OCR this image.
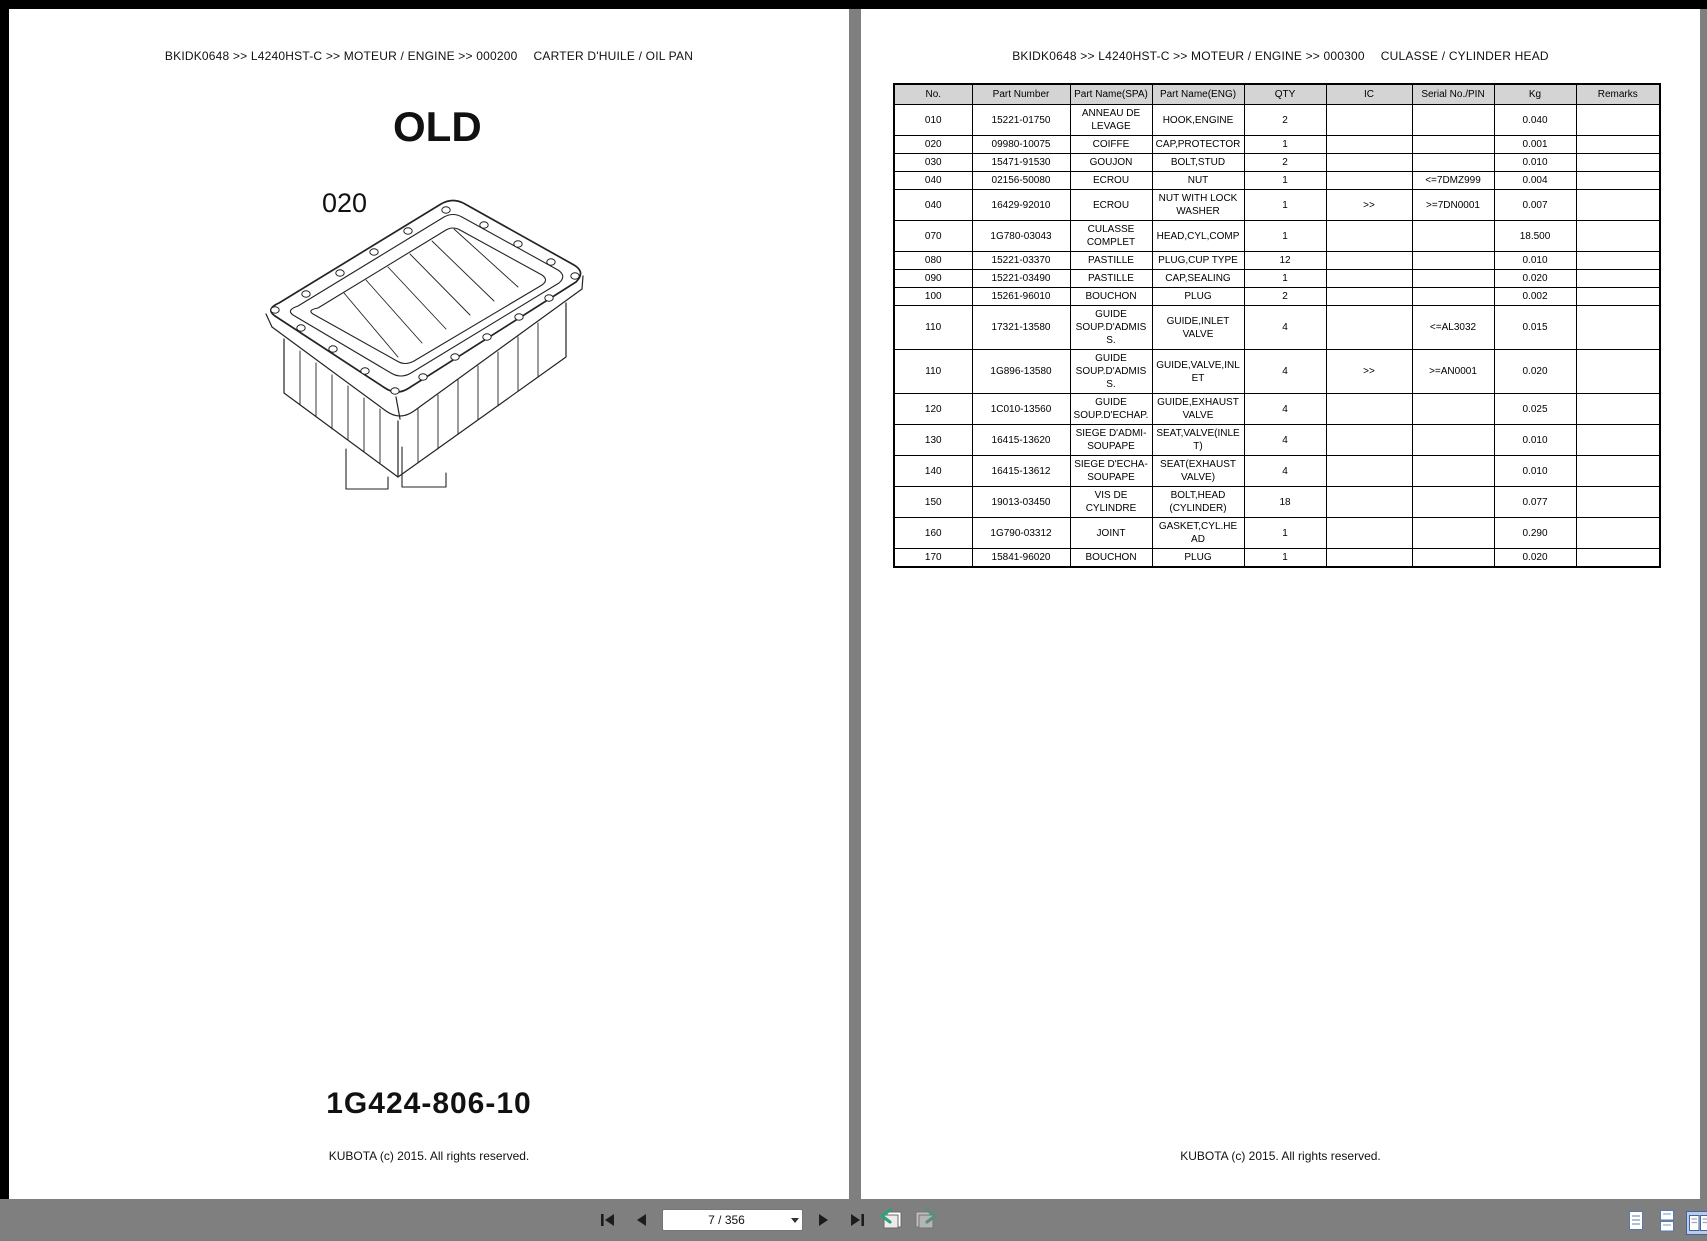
BKIDK0648 >> L4240HST-C >> MOTEUR / ENGINE >> 000200 CARTER D'HUILE / OIL PAN
OLD
020
1G424-806-10
KUBOTA (c) 2015. All rights reserved.
BKIDK0648 >> L4240HST-C >> MOTEUR / ENGINE >> 000300 CULASSE / CYLINDER HEAD
No.	Part Number	Part Name(SPA)	Part Name(ENG)	QTY	IC	Serial No./PIN	Kg	Remarks
010	15221-01750	ANNEAU DE LEVAGE	HOOK,ENGINE	2			0.040	
020	09980-10075	COIFFE	CAP,PROTECTOR	1			0.001	
030	15471-91530	GOUJON	BOLT,STUD	2			0.010	
040	02156-50080	ECROU	NUT	1		<=7DMZ999	0.004	
040	16429-92010	ECROU	NUT WITH LOCK WASHER	1	>>	>=7DN0001	0.007	
070	1G780-03043	CULASSE COMPLET	HEAD,CYL,COMP	1			18.500	
080	15221-03370	PASTILLE	PLUG,CUP TYPE	12			0.010	
090	15221-03490	PASTILLE	CAP,SEALING	1			0.020	
100	15261-96010	BOUCHON	PLUG	2			0.002	
110	17321-13580	GUIDE SOUP.D'ADMISS.	GUIDE,INLET VALVE	4		<=AL3032	0.015	
110	1G896-13580	GUIDE SOUP.D'ADMISS.	GUIDE,VALVE,INLET	4	>>	>=AN0001	0.020	
120	1C010-13560	GUIDE SOUP.D'ECHAP.	GUIDE,EXHAUST VALVE	4			0.025	
130	16415-13620	SIEGE D'ADMI-SOUPAPE	SEAT,VALVE(INLET)	4			0.010	
140	16415-13612	SIEGE D'ECHA-SOUPAPE	SEAT(EXHAUST VALVE)	4			0.010	
150	19013-03450	VIS DE CYLINDRE	BOLT,HEAD (CYLINDER)	18			0.077	
160	1G790-03312	JOINT	GASKET,CYL.HEAD	1			0.290	
170	15841-96020	BOUCHON	PLUG	1			0.020	
KUBOTA (c) 2015. All rights reserved.
7 / 356
